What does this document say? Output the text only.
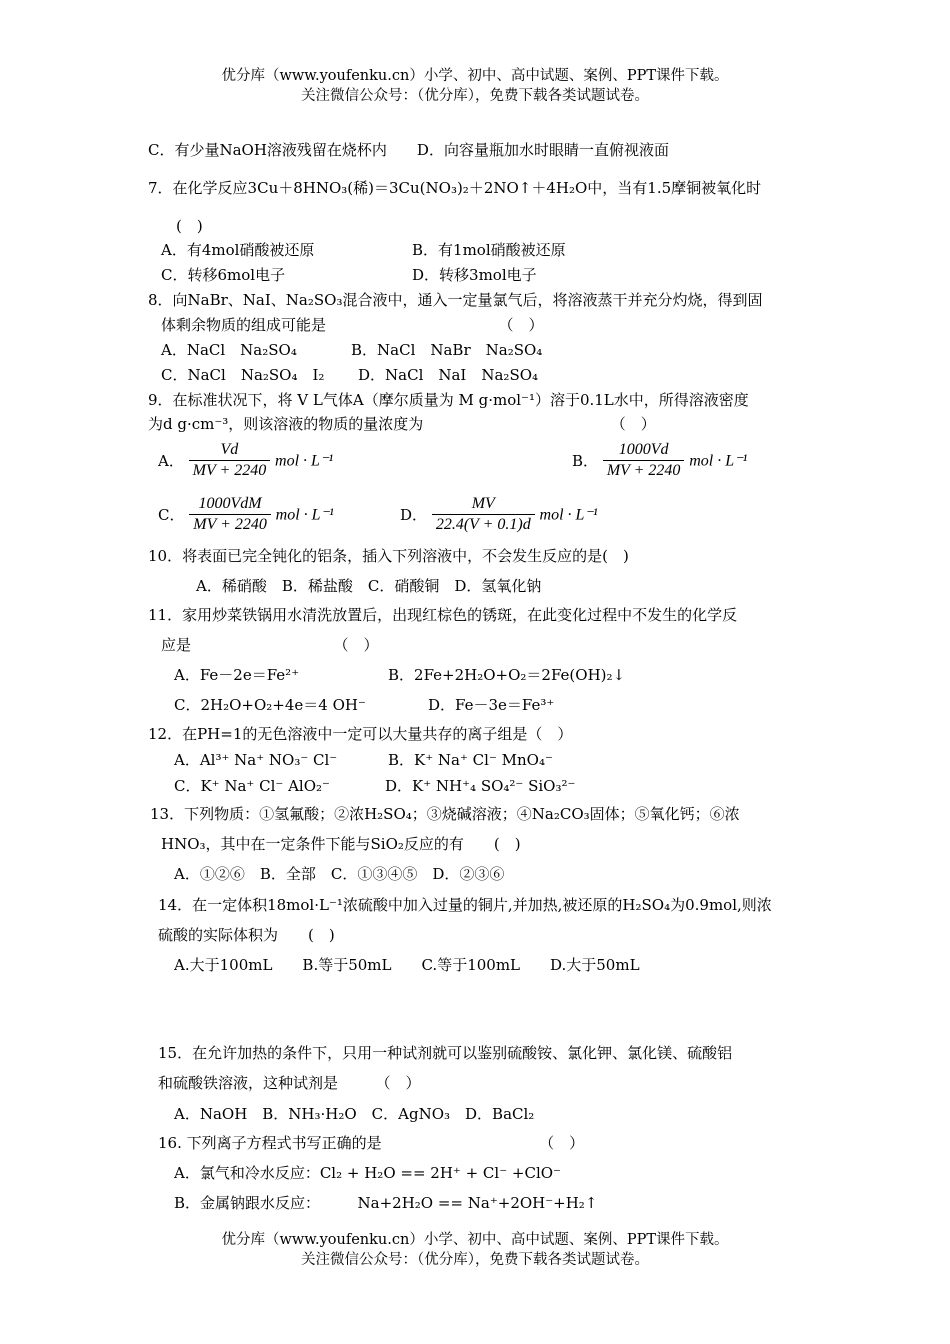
优分库（www.youfenku.cn）小学、初中、高中试题、案例、PPT课件下载。
关注微信公众号：（优分库），免费下载各类试题试卷。
C．有少量NaOH溶液残留在烧杯内　　D．向容量瓶加水时眼睛一直俯视液面
7．在化学反应3Cu＋8HNO₃(稀)＝3Cu(NO₃)₂＋2NO↑＋4H₂O中，当有1.5摩铜被氧化时
(　)
A．有4mol硝酸被还原	B．有1mol硝酸被还原
C．转移6mol电子	D．转移3mol电子
8．向NaBr、NaI、Na₂SO₃混合液中，通入一定量氯气后，将溶液蒸干并充分灼烧，得到固
体剩余物质的组成可能是　　　　　　　　　　　　（　）
A．NaCl　Na₂SO₄	B．NaCl　NaBr　Na₂SO₄
C．NaCl　Na₂SO₄　I₂ D．NaCl　NaI　Na₂SO₄
9．在标准状况下，将 V L气体A（摩尔质量为 M g·mol⁻¹）溶于0.1L水中，所得溶液密度
为d g·cm⁻³，则该溶液的物质的量浓度为　　　　　　　　　　　　　（　）
A． $\frac{Vd}{MV + 2240}$ mol · L⁻¹	B． $\frac{1000Vd}{MV + 2240}$ mol · L⁻¹
C．
1000VdM
MV + 2240
mol · L⁻¹	D． $\frac{MV}{22.4(V + 0.1)d}$ mol · L⁻¹
10．将表面已完全钝化的铝条，插入下列溶液中，不会发生反应的是(　)
A．稀硝酸　B．稀盐酸　C．硝酸铜　D．氢氧化钠
11．家用炒菜铁锅用水清洗放置后，出现红棕色的锈斑，在此变化过程中不发生的化学反
应是　　　　　　　　　　（　）
A．Fe－2e＝Fe²⁺	B．2Fe+2H₂O+O₂＝2Fe(OH)₂↓
C．2H₂O+O₂+4e＝4 OH⁻	D．Fe－3e＝Fe³⁺
12．在PH=1的无色溶液中一定可以大量共存的离子组是（　）
A．Al³⁺ Na⁺ NO₃⁻ Cl⁻	B．K⁺ Na⁺ Cl⁻ MnO₄⁻
C．K⁺ Na⁺ Cl⁻ AlO₂⁻	D．K⁺ NH⁺₄ SO₄²⁻ SiO₃²⁻
13．下列物质：①氢氟酸；②浓H₂SO₄；③烧碱溶液；④Na₂CO₃固体；⑤氧化钙；⑥浓
HNO₃，其中在一定条件下能与SiO₂反应的有　　(　)
A．①②⑥　B．全部　C．①③④⑤　D．②③⑥
14．在一定体积18mol·L⁻¹浓硫酸中加入过量的铜片,并加热,被还原的H₂SO₄为0.9mol,则浓
硫酸的实际体积为　　(　)
A.大于100mL　　B.等于50mL　　C.等于100mL　　D.大于50mL
15．在允许加热的条件下，只用一种试剂就可以鉴别硫酸铵、氯化钾、氯化镁、硫酸铝
和硫酸铁溶液，这种试剂是　　　（　）
A．NaOH　B．NH₃·H₂O　C．AgNO₃　D．BaCl₂
16. 下列离子方程式书写正确的是　　　　　　　　　　　（　）
A．氯气和冷水反应：Cl₂ + H₂O == 2H⁺ + Cl⁻ +ClO⁻
B．金属钠跟水反应：　　　Na+2H₂O == Na⁺+2OH⁻+H₂↑
优分库（www.youfenku.cn）小学、初中、高中试题、案例、PPT课件下载。
关注微信公众号：（优分库），免费下载各类试题试卷。
